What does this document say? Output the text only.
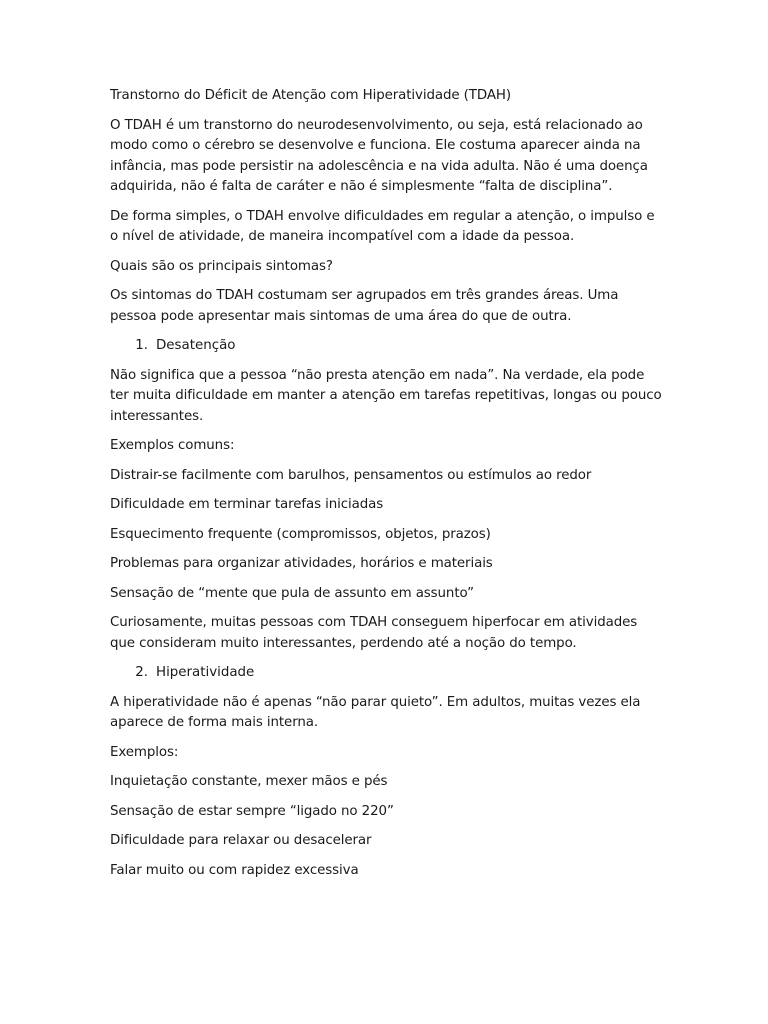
Transtorno do Déficit de Atenção com Hiperatividade (TDAH)

O TDAH é um transtorno do neurodesenvolvimento, ou seja, está relacionado ao modo como o cérebro se desenvolve e funciona. Ele costuma aparecer ainda na infância, mas pode persistir na adolescência e na vida adulta. Não é uma doença adquirida, não é falta de caráter e não é simplesmente “falta de disciplina”.

De forma simples, o TDAH envolve dificuldades em regular a atenção, o impulso e o nível de atividade, de maneira incompatível com a idade da pessoa.

Quais são os principais sintomas?

Os sintomas do TDAH costumam ser agrupados em três grandes áreas. Uma pessoa pode apresentar mais sintomas de uma área do que de outra.

1. Desatenção

Não significa que a pessoa “não presta atenção em nada”. Na verdade, ela pode ter muita dificuldade em manter a atenção em tarefas repetitivas, longas ou pouco interessantes.

Exemplos comuns:

Distrair-se facilmente com barulhos, pensamentos ou estímulos ao redor

Dificuldade em terminar tarefas iniciadas

Esquecimento frequente (compromissos, objetos, prazos)

Problemas para organizar atividades, horários e materiais

Sensação de “mente que pula de assunto em assunto”

Curiosamente, muitas pessoas com TDAH conseguem hiperfocar em atividades que consideram muito interessantes, perdendo até a noção do tempo.

2. Hiperatividade

A hiperatividade não é apenas “não parar quieto”. Em adultos, muitas vezes ela aparece de forma mais interna.

Exemplos:

Inquietação constante, mexer mãos e pés

Sensação de estar sempre “ligado no 220”

Dificuldade para relaxar ou desacelerar

Falar muito ou com rapidez excessiva
